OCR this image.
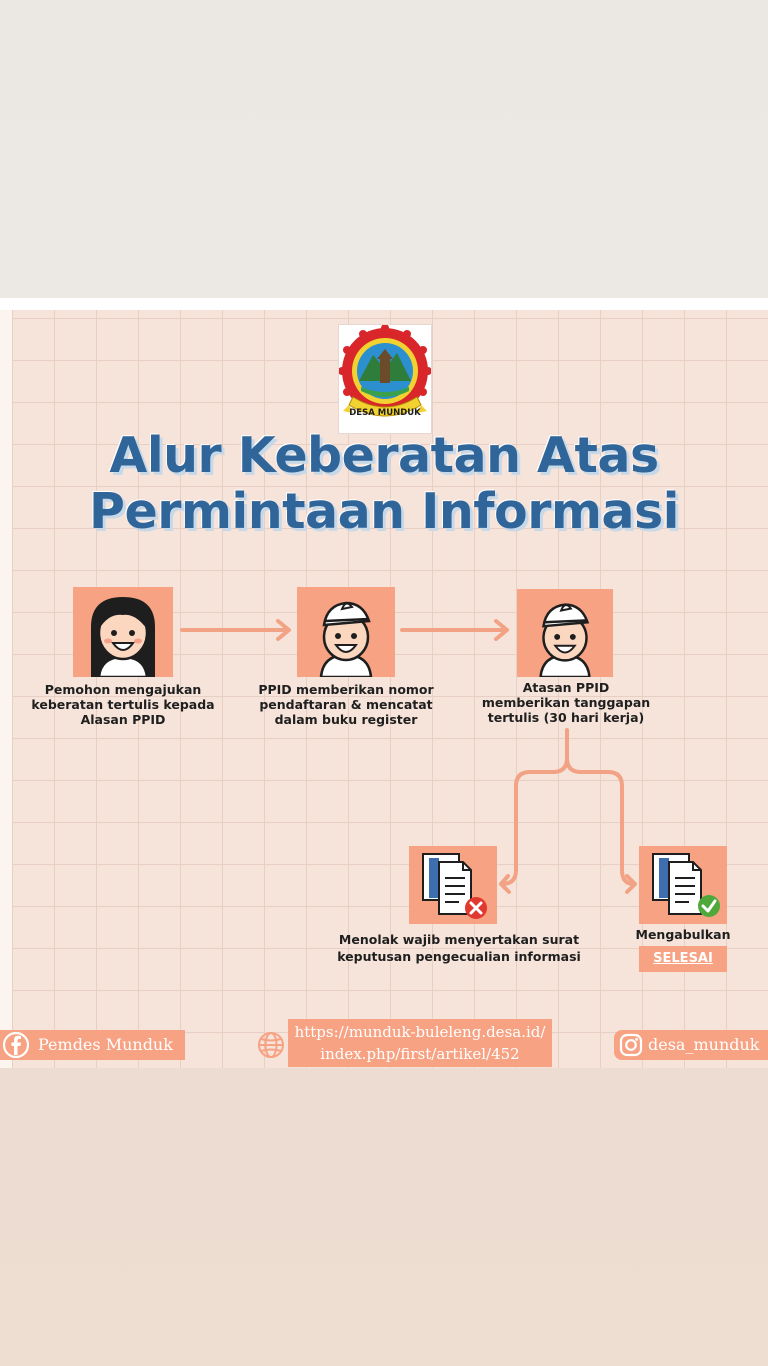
DESA MUNDUK
Alur Keberatan Atas
Permintaan Informasi
Pemohon mengajukan keberatan tertulis kepada Alasan PPID
PPID memberikan nomor pendaftaran & mencatat dalam buku register
Atasan PPID memberikan tanggapan tertulis (30 hari kerja)
Menolak wajib menyertakan surat keputusan pengecualian informasi
Mengabulkan
SELESAI
Pemdes Munduk
https://munduk-buleleng.desa.id/
index.php/first/artikel/452	desa_munduk
